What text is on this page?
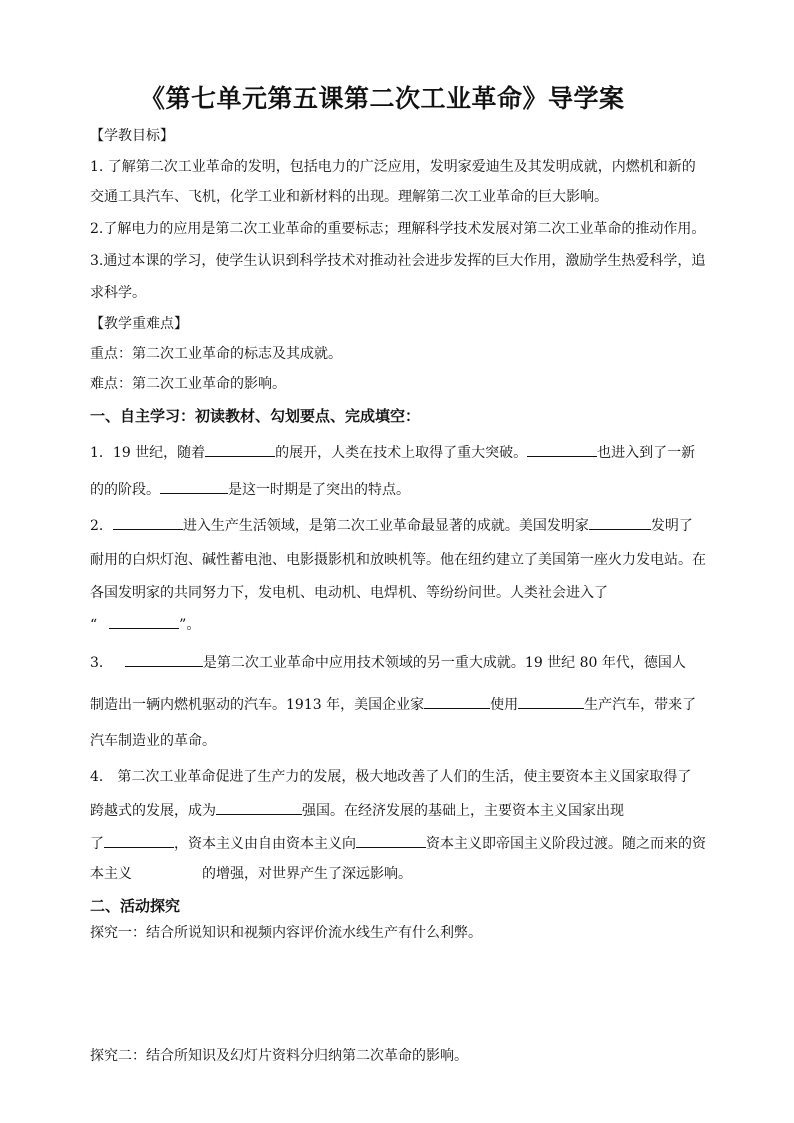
《第七单元第五课第二次工业革命》导学案
【学教目标】
1. 了解第二次工业革命的发明，包括电力的广泛应用，发明家爱迪生及其发明成就，内燃机和新的
交通工具汽车、飞机，化学工业和新材料的出现。理解第二次工业革命的巨大影响。
2.了解电力的应用是第二次工业革命的重要标志；理解科学技术发展对第二次工业革命的推动作用。
3.通过本课的学习，使学生认识到科学技术对推动社会进步发挥的巨大作用，激励学生热爱科学，追
求科学。
【教学重难点】
重点：第二次工业革命的标志及其成就。
难点：第二次工业革命的影响。
一、自主学习：初读教材、勾划要点、完成填空：
1．19 世纪，随着	的展开，人类在技术上取得了重大突破。	也进入到了一新
的的阶段。	是这一时期是了突出的特点。
2．	进入生产生活领域，是第二次工业革命最显著的成就。美国发明家	发明了
耐用的白炽灯泡、碱性蓄电池、电影摄影机和放映机等。他在纽约建立了美国第一座火力发电站。在
各国发明家的共同努力下，发电机、电动机、电焊机、等纷纷问世。人类社会进入了
“	”。
3．	是第二次工业革命中应用技术领域的另一重大成就。19 世纪 80 年代，德国人
制造出一辆内燃机驱动的汽车。1913 年，美国企业家	使用	生产汽车，带来了
汽车制造业的革命。
4． 第二次工业革命促进了生产力的发展，极大地改善了人们的生活，使主要资本主义国家取得了
跨越式的发展，成为	强国。在经济发展的基础上，主要资本主义国家出现
了	，资本主义由自由资本主义向	资本主义即帝国主义阶段过渡。随之而来的资
本主义	的增强，对世界产生了深远影响。
二、活动探究
探究一：结合所说知识和视频内容评价流水线生产有什么利弊。
探究二：结合所知识及幻灯片资料分归纳第二次革命的影响。
